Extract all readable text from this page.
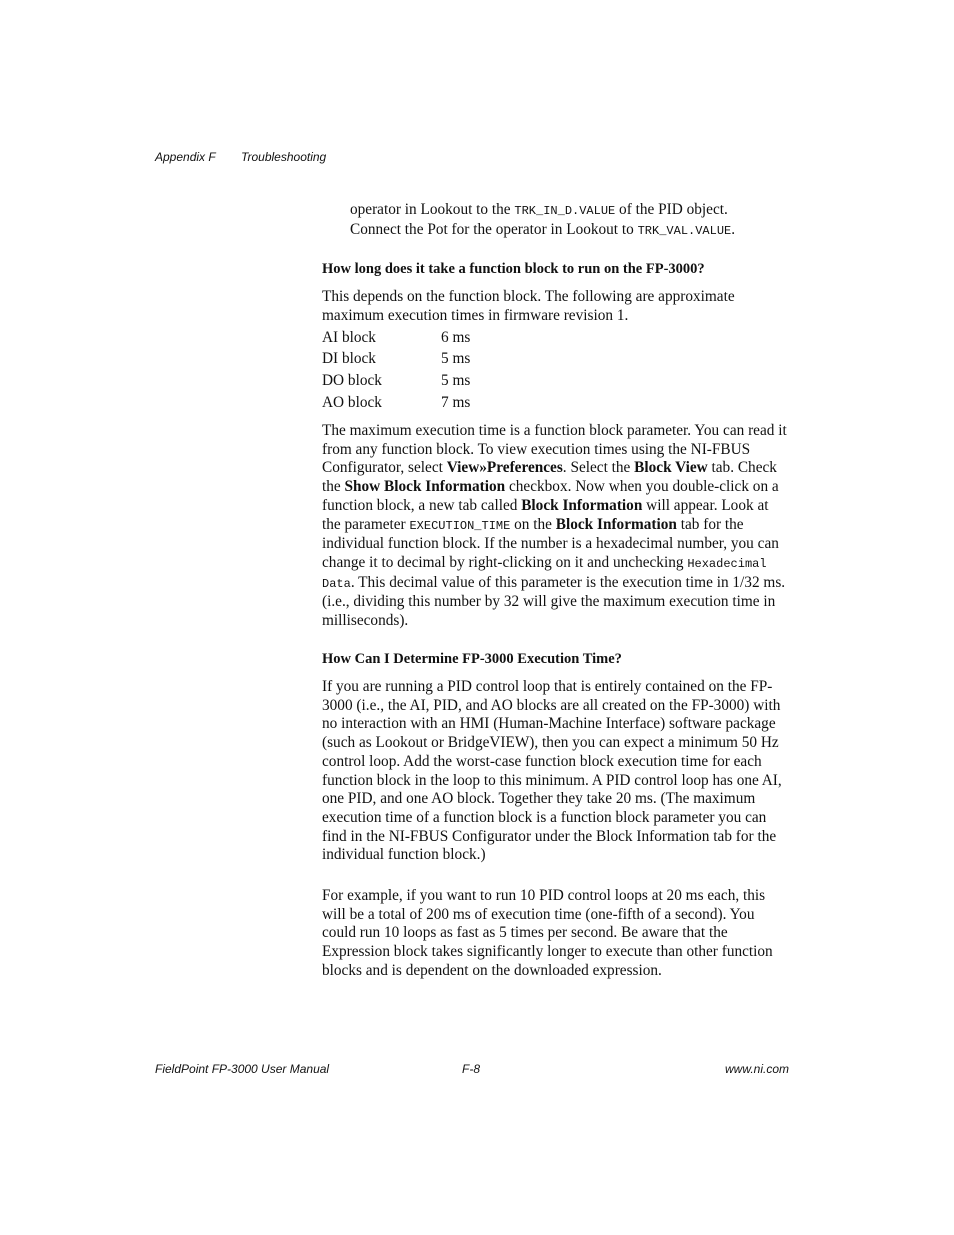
Appendix F Troubleshooting
operator in Lookout to the TRK_IN_D.VALUE of the PID object.
Connect the Pot for the operator in Lookout to TRK_VAL.VALUE.
How long does it take a function block to run on the FP-3000?
This depends on the function block. The following are approximate maximum execution times in firmware revision 1.
AI block	6 ms
DI block	5 ms
DO block	5 ms
AO block	7 ms
The maximum execution time is a function block parameter. You can read it from any function block. To view execution times using the NI-FBUS Configurator, select View»Preferences. Select the Block View tab. Check the Show Block Information checkbox. Now when you double-click on a function block, a new tab called Block Information will appear. Look at the parameter EXECUTION_TIME on the Block Information tab for the individual function block. If the number is a hexadecimal number, you can change it to decimal by right-clicking on it and unchecking Hexadecimal Data. This decimal value of this parameter is the execution time in 1/32 ms. (i.e., dividing this number by 32 will give the maximum execution time in milliseconds).
How Can I Determine FP-3000 Execution Time?
If you are running a PID control loop that is entirely contained on the FP-3000 (i.e., the AI, PID, and AO blocks are all created on the FP-3000) with no interaction with an HMI (Human-Machine Interface) software package (such as Lookout or BridgeVIEW), then you can expect a minimum 50 Hz control loop. Add the worst-case function block execution time for each function block in the loop to this minimum. A PID control loop has one AI, one PID, and one AO block. Together they take 20 ms. (The maximum execution time of a function block is a function block parameter you can find in the NI-FBUS Configurator under the Block Information tab for the individual function block.)
For example, if you want to run 10 PID control loops at 20 ms each, this will be a total of 200 ms of execution time (one-fifth of a second). You could run 10 loops as fast as 5 times per second. Be aware that the Expression block takes significantly longer to execute than other function blocks and is dependent on the downloaded expression.
FieldPoint FP-3000 User Manual	F-8	www.ni.com
